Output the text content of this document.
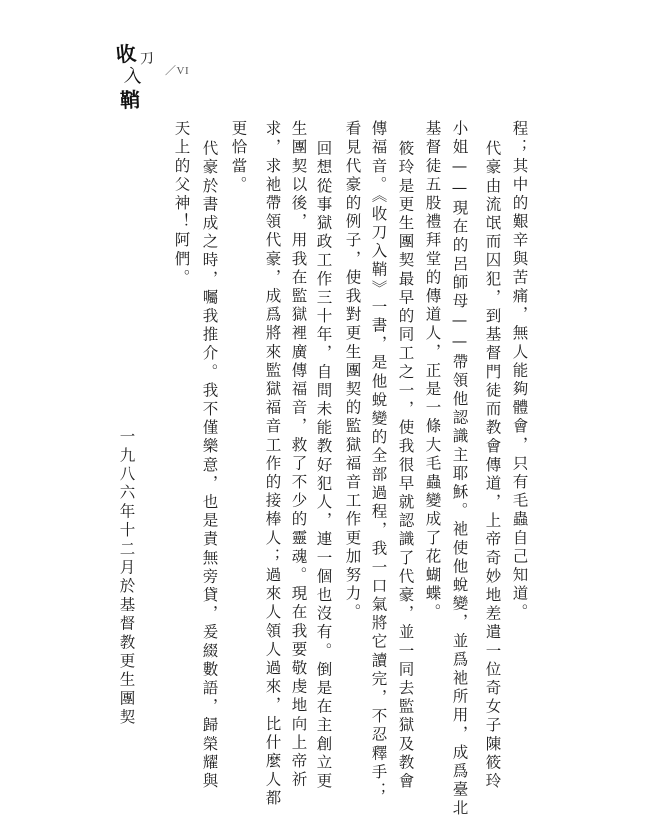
收 刀
入
鞘
／VI
程；其中的艱辛與苦痛，無人能夠體會，只有毛蟲自己知道。
代豪由流氓而囚犯，到基督門徒而教會傳道，上帝奇妙地差遣一位奇女子陳筱玲
小姐——現在的呂師母——帶領他認識主耶穌。祂使他蛻變，並爲祂所用，成爲臺北
基督徒五股禮拜堂的傳道人，正是一條大毛蟲變成了花蝴蝶。
筱玲是更生團契最早的同工之一，使我很早就認識了代豪，並一同去監獄及教會
傳福音。《收刀入鞘》一書，是他蛻變的全部過程，我一口氣將它讀完，不忍釋手；
看見代豪的例子，使我對更生團契的監獄福音工作更加努力。
回想從事獄政工作三十年，自問未能教好犯人，連一個也沒有。倒是在主創立更
生團契以後，用我在監獄裡廣傳福音，救了不少的靈魂。現在我要敬虔地向上帝祈
求，求祂帶領代豪，成爲將來監獄福音工作的接棒人；過來人領人過來，比什麼人都
更恰當。
代豪於書成之時，囑我推介。我不僅樂意，也是責無旁貸，爰綴數語，歸榮耀與
天上的父神！阿們。
一九八六年十二月於基督教更生團契
